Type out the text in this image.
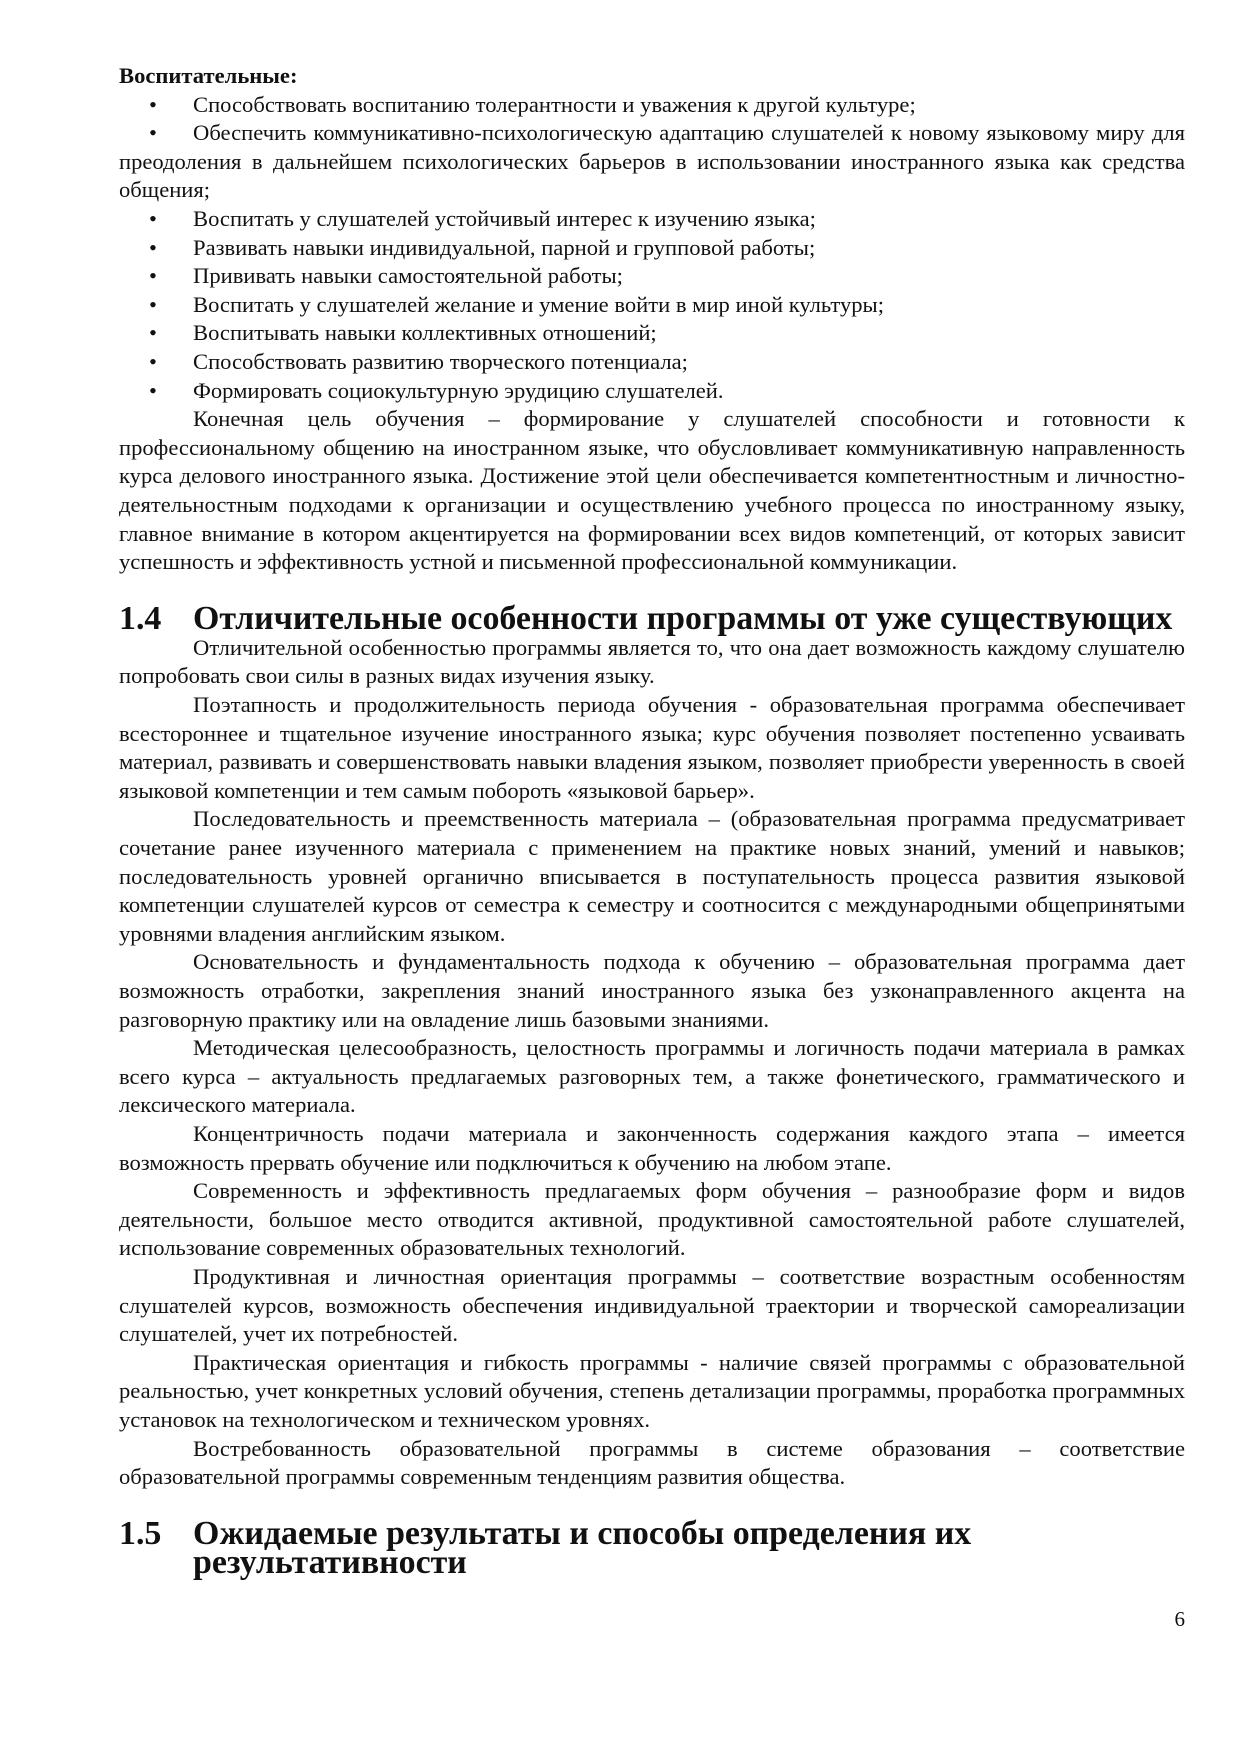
Воспитательные:

• Способствовать воспитанию толерантности и уважения к другой культуре;
• Обеспечить коммуникативно-психологическую адаптацию слушателей к новому языковому миру для преодоления в дальнейшем психологических барьеров в использовании иностранного языка как средства общения;
• Воспитать у слушателей устойчивый интерес к изучению языка;
• Развивать навыки индивидуальной, парной и групповой работы;
• Прививать навыки самостоятельной работы;
• Воспитать у слушателей желание и умение войти в мир иной культуры;
• Воспитывать навыки коллективных отношений;
• Способствовать развитию творческого потенциала;
• Формировать социокультурную эрудицию слушателей.

Конечная цель обучения – формирование у слушателей способности и готовности к профессиональному общению на иностранном языке, что обусловливает коммуникативную направленность курса делового иностранного языка. Достижение этой цели обеспечивается компетентностным и личностно-деятельностным подходами к организации и осуществлению учебного процесса по иностранному языку, главное внимание в котором акцентируется на формировании всех видов компетенций, от которых зависит успешность и эффективность устной и письменной профессиональной коммуникации.

1.4 Отличительные особенности программы от уже существующих

Отличительной особенностью программы является то, что она дает возможность каждому слушателю попробовать свои силы в разных видах изучения языку.

Поэтапность и продолжительность периода обучения - образовательная программа обеспечивает всестороннее и тщательное изучение иностранного языка; курс обучения позволяет постепенно усваивать материал, развивать и совершенствовать навыки владения языком, позволяет приобрести уверенность в своей языковой компетенции и тем самым побороть «языковой барьер».

Последовательность и преемственность материала – (образовательная программа предусматривает сочетание ранее изученного материала с применением на практике новых знаний, умений и навыков; последовательность уровней органично вписывается в поступательность процесса развития языковой компетенции слушателей курсов от семестра к семестру и соотносится с международными общепринятыми уровнями владения английским языком.

Основательность и фундаментальность подхода к обучению – образовательная программа дает возможность отработки, закрепления знаний иностранного языка без узконаправленного акцента на разговорную практику или на овладение лишь базовыми знаниями.

Методическая целесообразность, целостность программы и логичность подачи материала в рамках всего курса – актуальность предлагаемых разговорных тем, а также фонетического, грамматического и лексического материала.

Концентричность подачи материала и законченность содержания каждого этапа – имеется возможность прервать обучение или подключиться к обучению на любом этапе.

Современность и эффективность предлагаемых форм обучения – разнообразие форм и видов деятельности, большое место отводится активной, продуктивной самостоятельной работе слушателей, использование современных образовательных технологий.

Продуктивная и личностная ориентация программы – соответствие возрастным особенностям слушателей курсов, возможность обеспечения индивидуальной траектории и творческой самореализации слушателей, учет их потребностей.

Практическая ориентация и гибкость программы - наличие связей программы с образовательной реальностью, учет конкретных условий обучения, степень детализации программы, проработка программных установок на технологическом и техническом уровнях.

Востребованность образовательной программы в системе образования – соответствие образовательной программы современным тенденциям развития общества.

1.5 Ожидаемые результаты и способы определения их результативности
6
